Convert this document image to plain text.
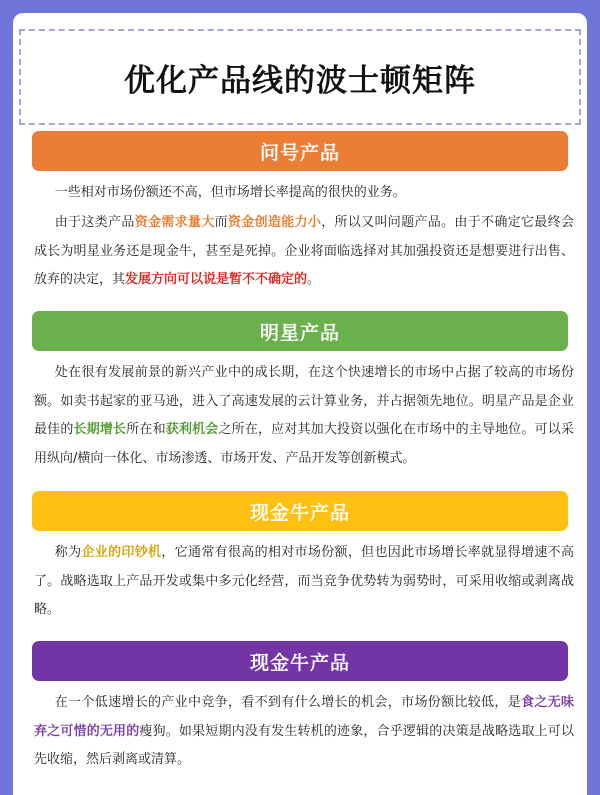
优化产品线的波士顿矩阵
问号产品

一些相对市场份额还不高，但市场增长率提高的很快的业务。

由于这类产品资金需求量大而资金创造能力小，所以又叫问题产品。由于不确定它最终会成长为明星业务还是现金牛，甚至是死掉。企业将面临选择对其加强投资还是想要进行出售、放弃的决定，其发展方向可以说是暂不不确定的。

明星产品

处在很有发展前景的新兴产业中的成长期，在这个快速增长的市场中占据了较高的市场份额。如卖书起家的亚马逊，进入了高速发展的云计算业务，并占据领先地位。明星产品是企业最佳的长期增长所在和获利机会之所在，应对其加大投资以强化在市场中的主导地位。可以采用纵向/横向一体化、市场渗透、市场开发、产品开发等创新模式。

现金牛产品

称为企业的印钞机，它通常有很高的相对市场份额，但也因此市场增长率就显得增速不高了。战略选取上产品开发或集中多元化经营，而当竞争优势转为弱势时，可采用收缩或剥离战略。

现金牛产品

在一个低速增长的产业中竞争，看不到有什么增长的机会，市场份额比较低，是食之无味弃之可惜的无用的瘦狗。如果短期内没有发生转机的迹象，合乎逻辑的决策是战略选取上可以先收缩，然后剥离或清算。
